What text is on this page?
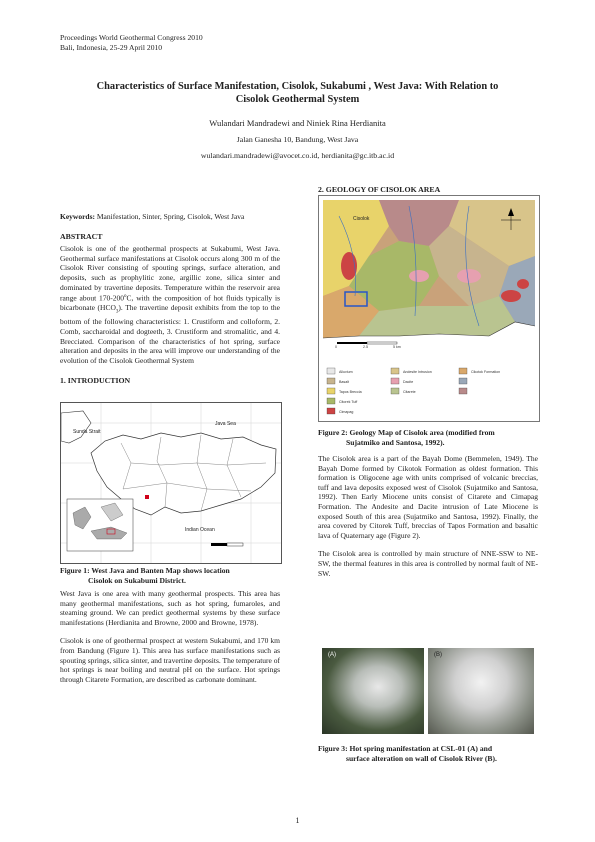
Proceedings World Geothermal Congress 2010
Bali, Indonesia, 25-29 April 2010
Characteristics of Surface Manifestation, Cisolok, Sukabumi , West Java: With Relation to
Cisolok Geothermal System
Wulandari Mandradewi and Niniek Rina Herdianita
Jalan Ganesha 10, Bandung, West Java
wulandari.mandradewi@avocet.co.id, herdianita@gc.itb.ac.id

Keywords: Manifestation, Sinter, Spring, Cisolok, West Java

ABSTRACT

Cisolok is one of the geothermal prospects at Sukabumi, West Java. Geothermal surface manifestations at Cisolok occurs along 300 m of the Cisolok River consisting of spouting springs, surface alteration, and deposits, such as prophylitic zone, argillic zone, silica sinter and dominated by travertine deposits. Temperature within the reservoir area range about 170-200$^o$C, with the composition of hot fluids typically is bicarbonate $(HCO_3)$. The travertine deposit exhibits from the top to the bottom of the following characteristics: 1. Crustiform and colloform, 2. Comb, saccharoidal and dogteeth, 3. Crustiform and stromalitic, and 4. Brecciated. Comparison of the characteristics of hot spring, surface alteration and deposits in the area will improve our understanding of the evolution of the Cisolok Geothermal System

1. INTRODUCTION
Sunda Strait
Java Sea
Indian Ocean
Figure 1: West Java and Banten Map shows location
Cisolok on Sukabumi District.

West Java is one area with many geothermal prospects. This area has many geothermal manifestations, such as hot spring, fumaroles, and steaming ground. We can predict geothermal systems by these surface manifestations (Herdianita and Browne, 2000 and Browne, 1978).

Cisolok is one of geothermal prospect at western Sukabumi, and 170 km from Bandung (Figure 1). This area has surface manifestations such as spouting springs, silica sinter, and travertine deposits. The temperature of hot springs is near boiling and neutral pH on the surface. Hot springs through Citarete Formation, are described as carbonate dominant.

2. GEOLOGY OF CISOLOK AREA
Cisolok
0	2.5	5 km
Alluvium
Basalt
Tapos Breccia
Citorek Tuff
Cimapag
Andesite Intrusion
Dacite
Citarete
Cikotok Formation
Figure 2: Geology Map of Cisolok area (modified from
Sujatmiko and Santosa, 1992).

The Cisolok area is a part of the Bayah Dome (Bemmelen, 1949). The Bayah Dome formed by Cikotok Formation as oldest formation. This formation is Oligocene age with units comprised of volcanic breccias, tuff and lava deposits exposed west of Cisolok (Sujatmiko and Santosa, 1992). Then Early Miocene units consist of Citarete and Cimapag Formation. The Andesite and Dacite intrusion of Late Miocene is exposed South of this area (Sujatmiko and Santosa, 1992). Finally, the area covered by Citorek Tuff, breccias of Tapos Formation and basaltic lava of Quaternary age (Figure 2).

The Cisolok area is controlled by main structure of NNE-SSW to NE-SW, the thermal features in this area is controlled by normal fault of NE-SW.

(A)	(B)
Figure 3: Hot spring manifestation at CSL-01 (A) and
surface alteration on wall of Cisolok River (B).
1
